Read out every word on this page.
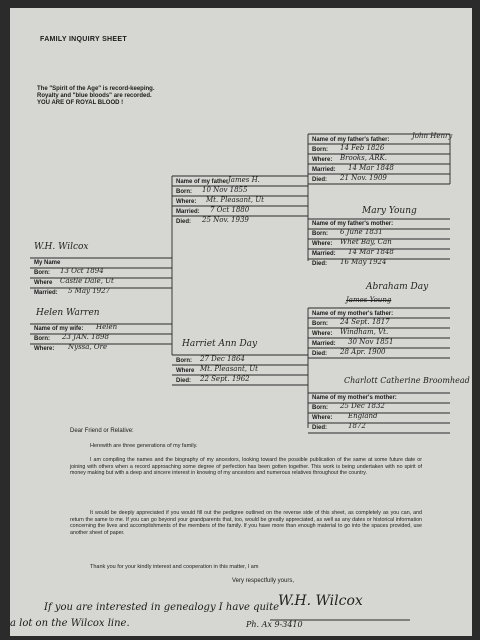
FAMILY INQUIRY SHEET
The "Spirit of the Age" is record-keeping.
Royalty and "blue bloods" are recorded.
YOU ARE OF ROYAL BLOOD !
W.H. Wilcox
My Name
Born: 13 Oct 1894
Where Castle Dale, Ut
Married: 5 May 1927
Helen Warren
Name of my wife: Helen
Born: 23 JAN. 1898
Where: Nyssa, Ore
Name of my father James H.
Born: 10 Nov 1855
Where: Mt. Pleasant, Ut
Married: 7 Oct 1880
Died: 25 Nov. 1939
Harriet Ann Day
Born: 27 Dec 1864
Where Mt. Pleasant, Ut
Died: 22 Sept. 1962
Name of my father's father:	John Henry
Born: 14 Feb 1826
Where: Brooks, ARK.
Married: 14 Mar 1848
Died: 21 Nov. 1909
Mary Young
Name of my father's mother:
Born: 6 June 1831
Where: Whet Bay, Can
Married: 14 Mar 1848
Died: 16 May 1924
Abraham Day
James Young
Name of my mother's father:
Born: 24 Sept. 1817
Where: Windham, Vt.
Married: 30 Nov 1851
Died: 28 Apr. 1900
Charlott Catherine Broomhead
Name of my mother's mother:
Born: 25 Dec 1832
Where: England
Died:	1872
Dear Friend or Relative:
Herewith are three generations of my family.
I am compiling the names and the biography of my ancestors, looking toward the possible publication of the same at some future date or joining with others when a record approaching some degree of perfection has been gotten together. This work is being undertaken with no spirit of money making but with a deep and sincere interest in knowing of my ancestors and numerous relatives throughout the country.
It would be deeply appreciated if you would fill out the pedigree outlined on the reverse side of this sheet, as completely as you can, and return the same to me. If you can go beyond your grandparents that, too, would be greatly appreciated, as well as any dates or historical information concerning the lives and accomplishments of the members of the family. If you have more than enough material to go into the spaces provided, use another sheet of paper.
Thank you for your kindly interest and cooperation in this matter, I am
Very respectfully yours,
W.H. Wilcox
If you are interested in genealogy I have quite
a lot on the Wilcox line.	Ph. Ax 9-3410
